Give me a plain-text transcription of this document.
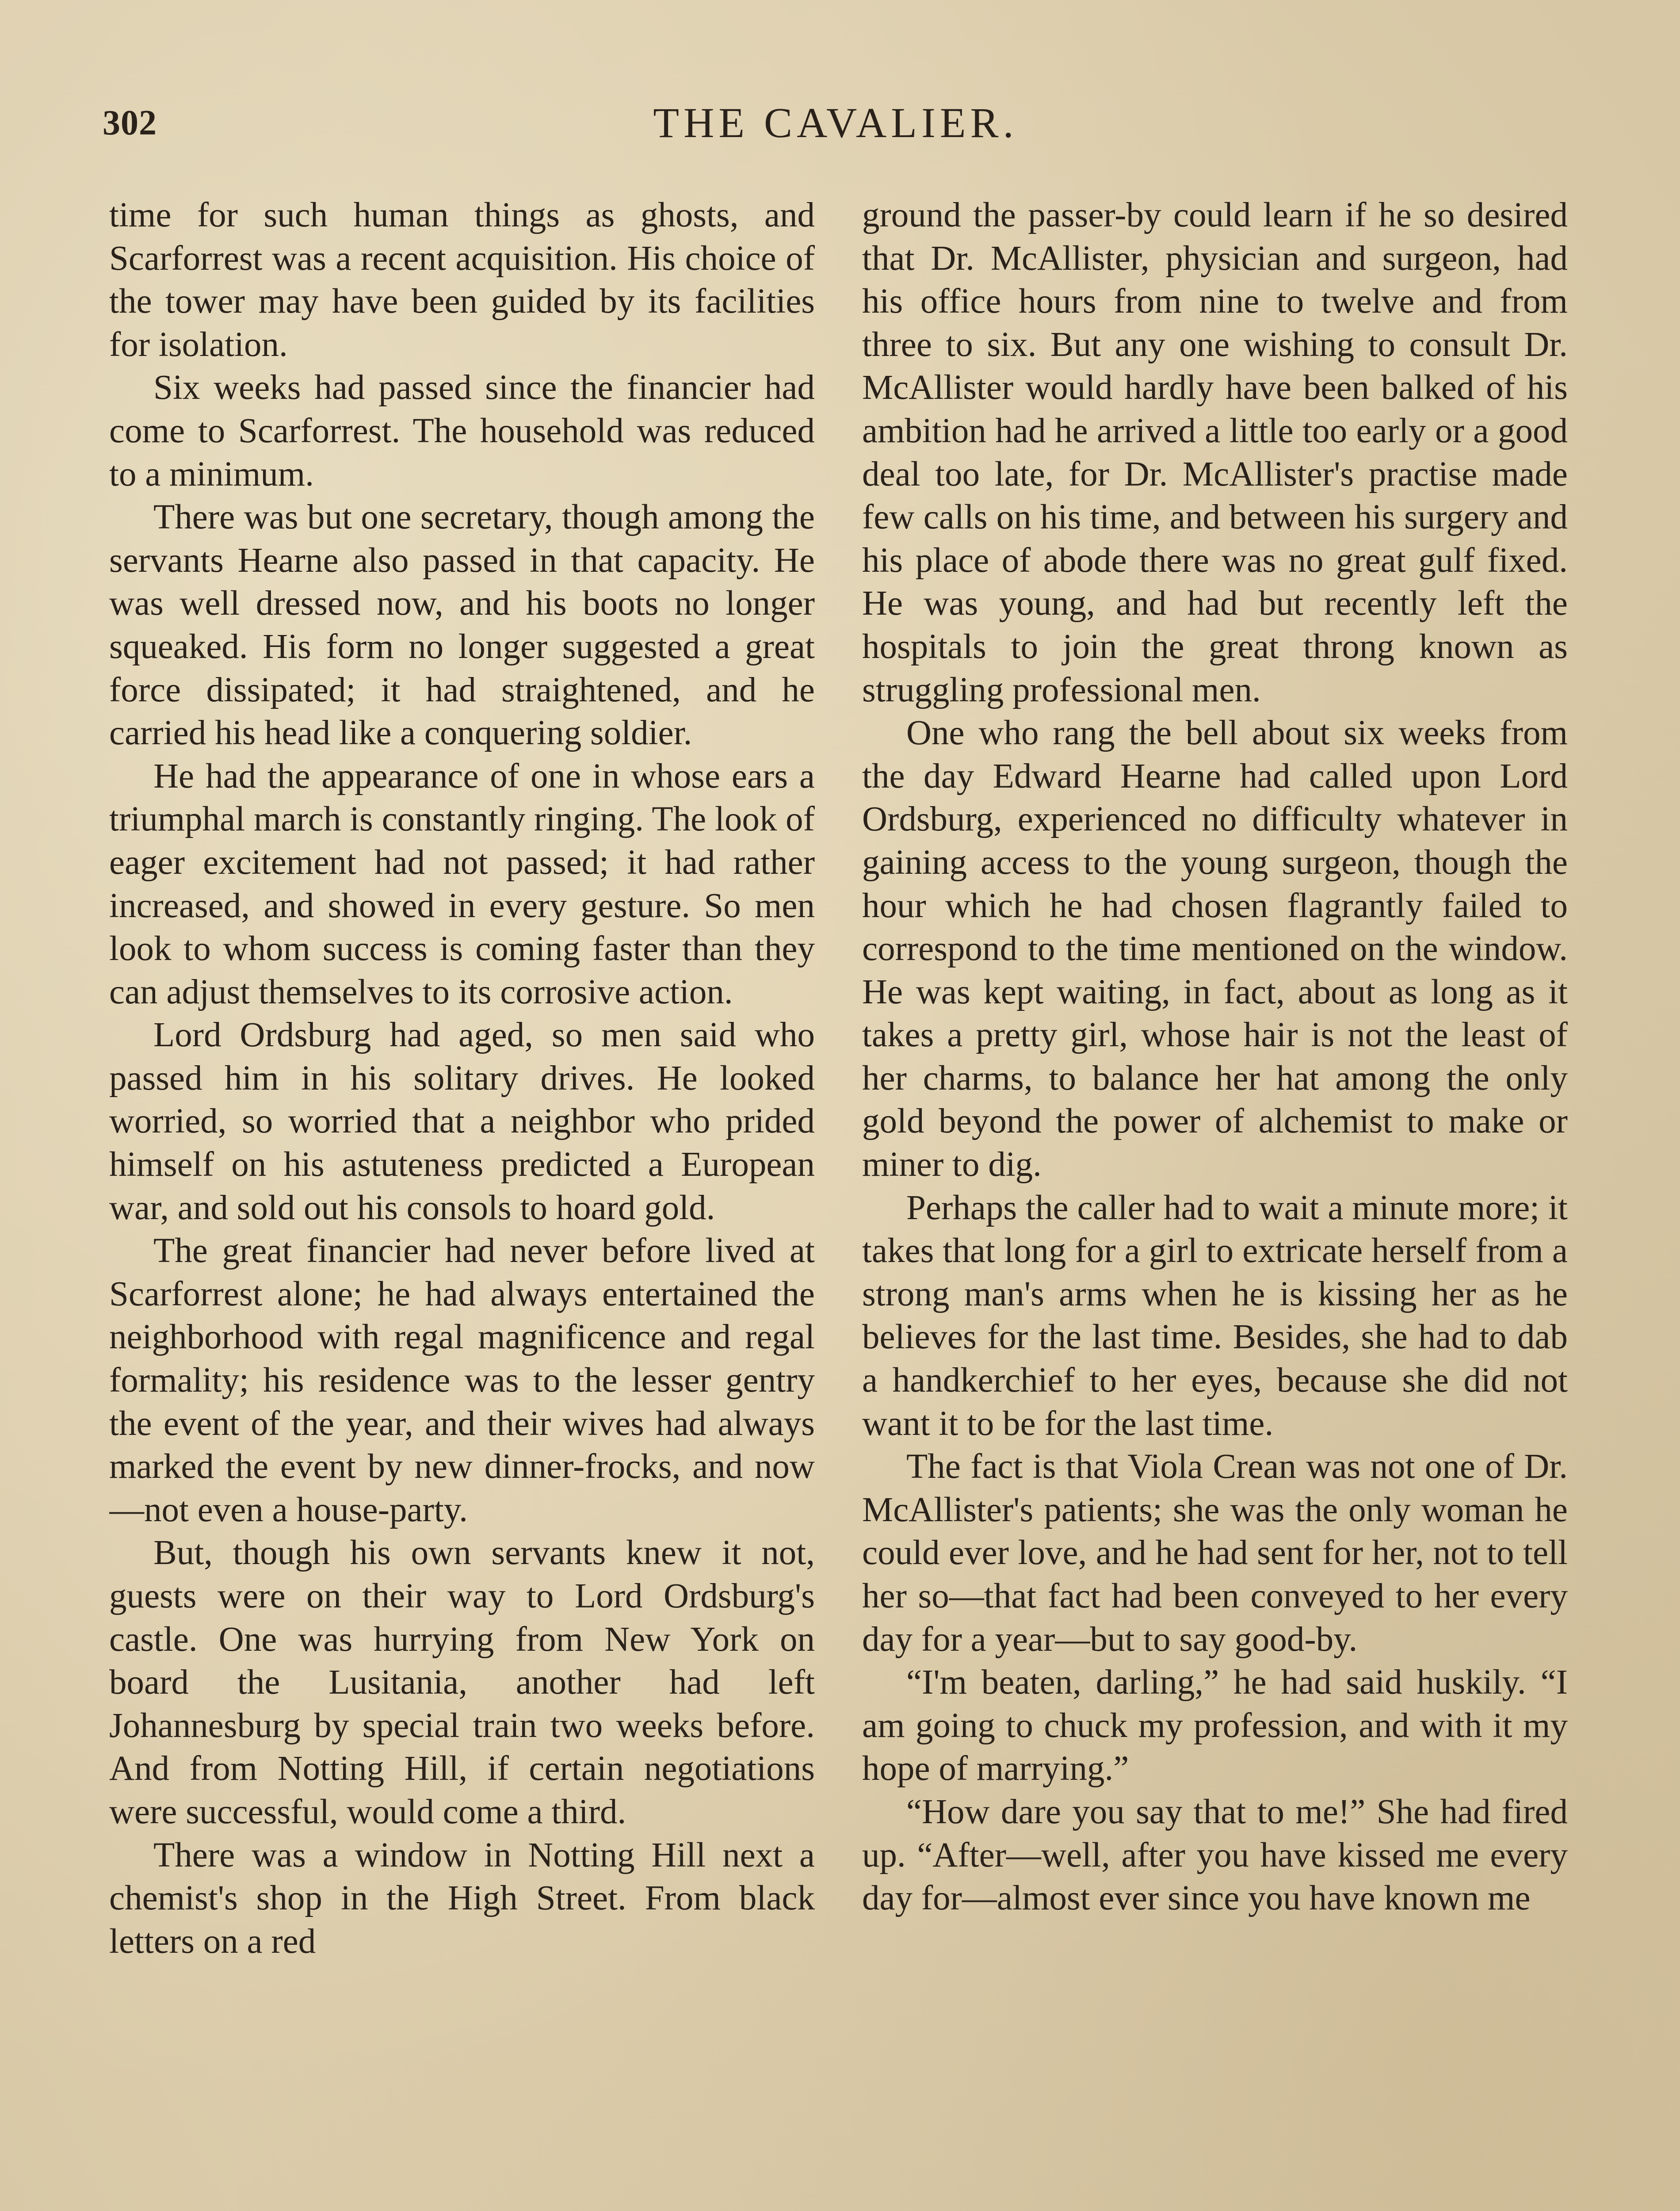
302	THE CAVALIER.

time for such human things as ghosts, and Scarforrest was a recent acquisition. His choice of the tower may have been guided by its facilities for isolation.

Six weeks had passed since the financier had come to Scarforrest. The household was reduced to a minimum.

There was but one secretary, though among the servants Hearne also passed in that capacity. He was well dressed now, and his boots no longer squeaked. His form no longer suggested a great force dissipated; it had straightened, and he carried his head like a conquering soldier.

He had the appearance of one in whose ears a triumphal march is constantly ringing. The look of eager excitement had not passed; it had rather increased, and showed in every gesture. So men look to whom success is coming faster than they can adjust themselves to its corrosive action.

Lord Ordsburg had aged, so men said who passed him in his solitary drives. He looked worried, so worried that a neighbor who prided himself on his astuteness predicted a European war, and sold out his consols to hoard gold.

The great financier had never before lived at Scarforrest alone; he had always entertained the neighborhood with regal magnificence and regal formality; his residence was to the lesser gentry the event of the year, and their wives had always marked the event by new dinner-frocks, and now—not even a house-party.

But, though his own servants knew it not, guests were on their way to Lord Ordsburg's castle. One was hurrying from New York on board the Lusitania, another had left Johannesburg by special train two weeks before. And from Notting Hill, if certain negotiations were successful, would come a third.

There was a window in Notting Hill next a chemist's shop in the High Street. From black letters on a red

ground the passer-by could learn if he so desired that Dr. McAllister, physician and surgeon, had his office hours from nine to twelve and from three to six. But any one wishing to consult Dr. McAllister would hardly have been balked of his ambition had he arrived a little too early or a good deal too late, for Dr. McAllister's practise made few calls on his time, and between his surgery and his place of abode there was no great gulf fixed. He was young, and had but recently left the hospitals to join the great throng known as struggling professional men.

One who rang the bell about six weeks from the day Edward Hearne had called upon Lord Ordsburg, experienced no difficulty whatever in gaining access to the young surgeon, though the hour which he had chosen flagrantly failed to correspond to the time mentioned on the window. He was kept waiting, in fact, about as long as it takes a pretty girl, whose hair is not the least of her charms, to balance her hat among the only gold beyond the power of alchemist to make or miner to dig.

Perhaps the caller had to wait a minute more; it takes that long for a girl to extricate herself from a strong man's arms when he is kissing her as he believes for the last time. Besides, she had to dab a handkerchief to her eyes, because she did not want it to be for the last time.

The fact is that Viola Crean was not one of Dr. McAllister's patients; she was the only woman he could ever love, and he had sent for her, not to tell her so—that fact had been conveyed to her every day for a year—but to say good-by.

“I'm beaten, darling,” he had said huskily. “I am going to chuck my profession, and with it my hope of marrying.”

“How dare you say that to me!” She had fired up. “After—well, after you have kissed me every day for—almost ever since you have known me
